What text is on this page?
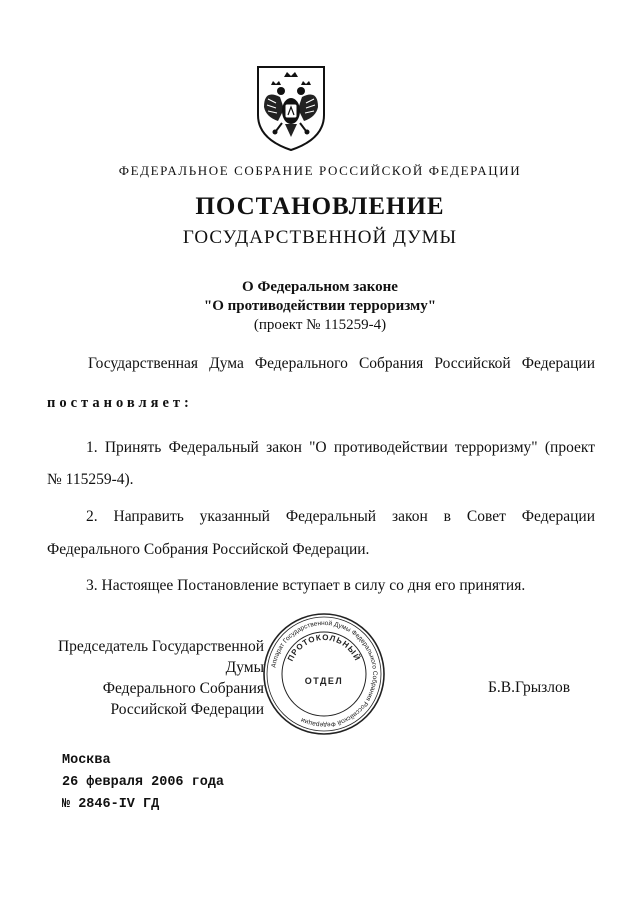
ФЕДЕРАЛЬНОЕ СОБРАНИЕ РОССИЙСКОЙ ФЕДЕРАЦИИ
ПОСТАНОВЛЕНИЕ
ГОСУДАРСТВЕННОЙ ДУМЫ
О Федеральном законе
"О противодействии терроризму"
(проект № 115259-4)
Государственная Дума Федерального Собрания Российской Федерации
постановляет:
1. Принять Федеральный закон "О противодействии терроризму" (проект
№ 115259-4).
2. Направить указанный Федеральный закон в Совет Федерации
Федерального Собрания Российской Федерации.
3. Настоящее Постановление вступает в силу со дня его принятия.
Председатель Государственной Думы
Федерального Собрания
Российской Федерации
Б.В.Грызлов
Аппарат Государственной Думы Федерального Собрания Российской Федерации
ПРОТОКОЛЬНЫЙ
ОТДЕЛ
Москва
26 февраля 2006 года
№ 2846-IV ГД
